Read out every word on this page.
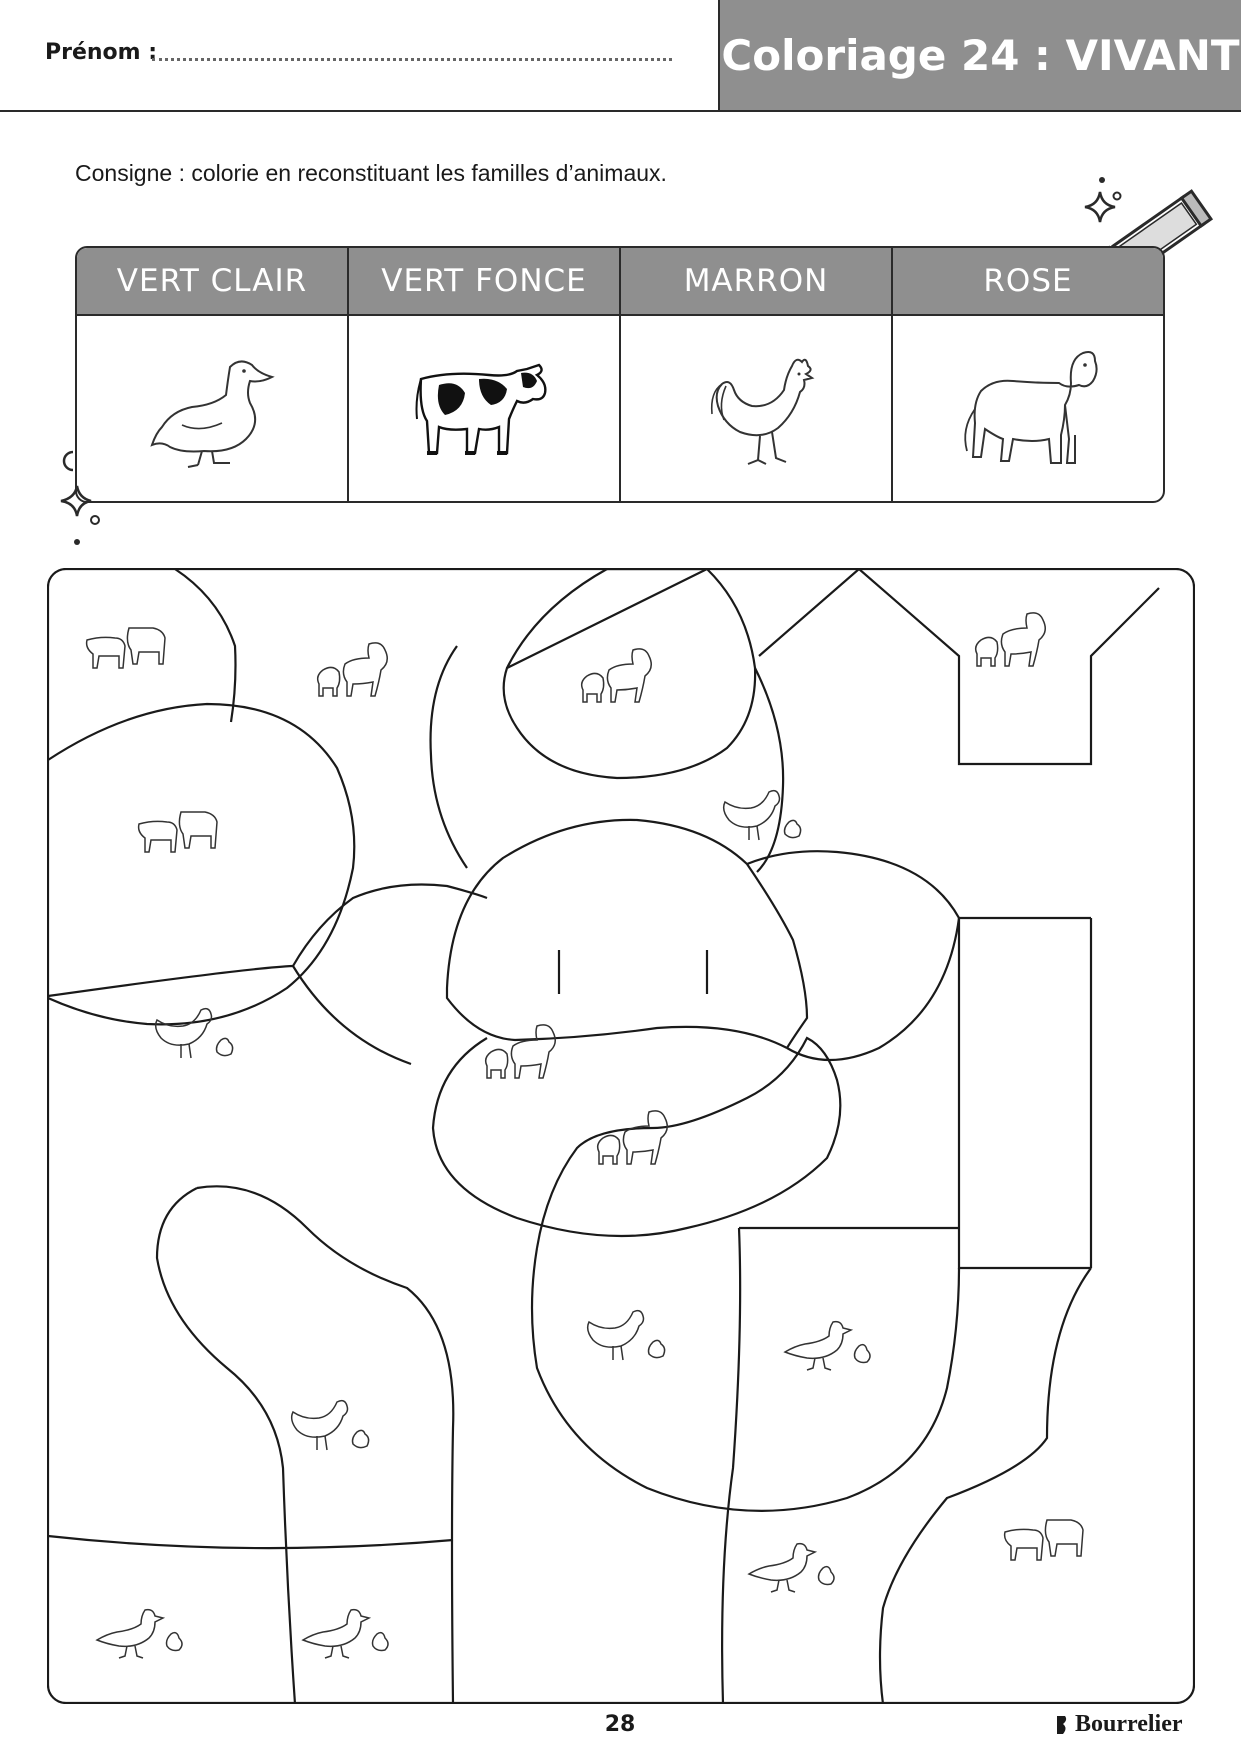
Prénom :	Coloriage 24 : VIVANT
Consigne : colorie en reconstituant les familles d’animaux.
VERT CLAIR	VERT FONCE	MARRON	ROSE
28	Bourrelier
